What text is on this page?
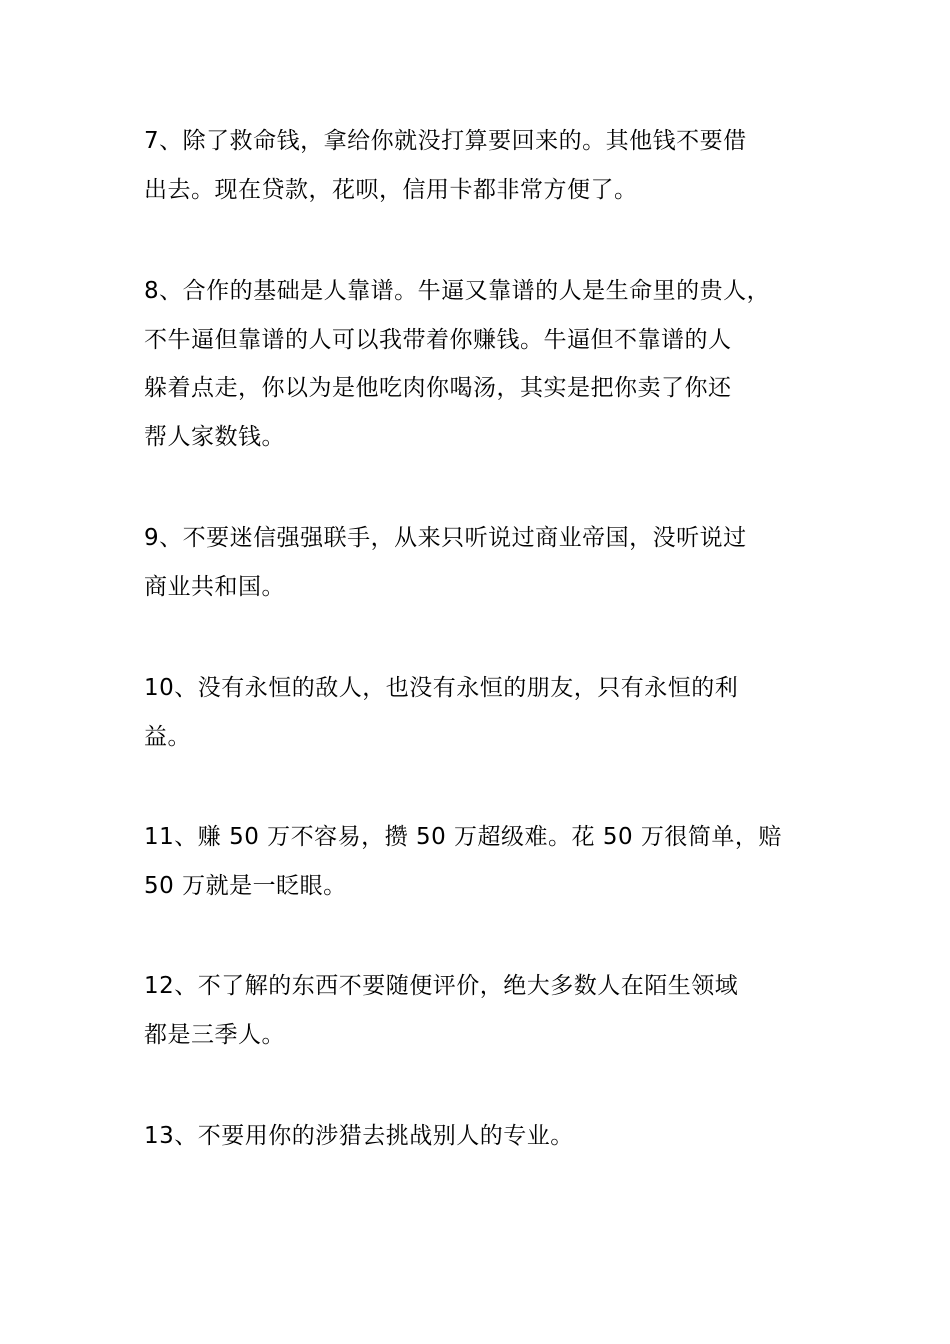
7、除了救命钱，拿给你就没打算要回来的。其他钱不要借
出去。现在贷款，花呗，信用卡都非常方便了。

8、合作的基础是人靠谱。牛逼又靠谱的人是生命里的贵人，
不牛逼但靠谱的人可以我带着你赚钱。牛逼但不靠谱的人
躲着点走，你以为是他吃肉你喝汤，其实是把你卖了你还
帮人家数钱。

9、不要迷信强强联手，从来只听说过商业帝国，没听说过
商业共和国。

10、没有永恒的敌人，也没有永恒的朋友，只有永恒的利
益。

11、赚 50 万不容易，攒 50 万超级难。花 50 万很简单，赔
50 万就是一眨眼。

12、不了解的东西不要随便评价，绝大多数人在陌生领域
都是三季人。

13、不要用你的涉猎去挑战别人的专业。
